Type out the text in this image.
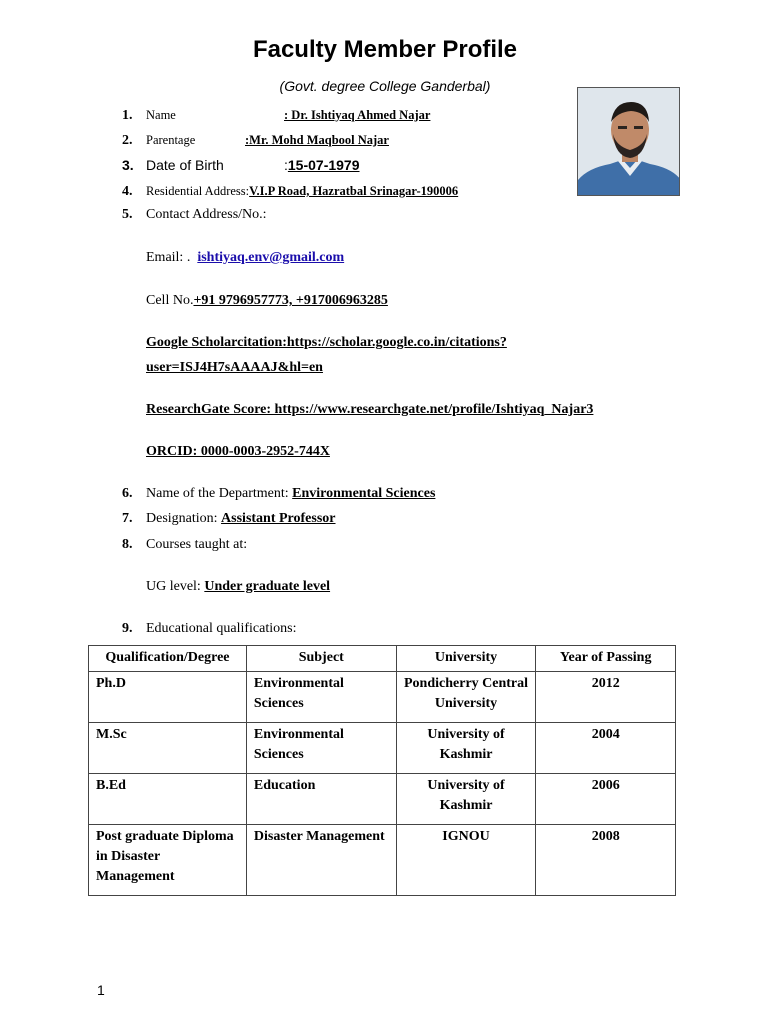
Faculty Member Profile
(Govt. degree College Ganderbal)
1. Name	: Dr. Ishtiyaq Ahmed Najar
2. Parentage	:Mr. Mohd Maqbool Najar
3. Date of Birth	:15-07-1979
4. Residential Address:V.I.P Road, Hazratbal Srinagar-190006
5. Contact Address/No.:
Email: . ishtiyaq.env@gmail.com
Cell No.+91 9796957773, +917006963285
Google Scholarcitation:https://scholar.google.co.in/citations?
user=ISJ4H7sAAAAJ&hl=en
ResearchGate Score: https://www.researchgate.net/profile/Ishtiyaq_Najar3
ORCID: 0000-0003-2952-744X
6. Name of the Department: Environmental Sciences
7. Designation: Assistant Professor
8. Courses taught at:
UG level: Under graduate level
9. Educational qualifications:
Qualification/Degree	Subject	University	Year of Passing
Ph.D	Environmental Sciences	Pondicherry Central University	2012
M.Sc	Environmental Sciences	University of Kashmir	2004
B.Ed	Education	University of Kashmir	2006
Post graduate Diploma in Disaster Management	Disaster Management	IGNOU	2008
1
